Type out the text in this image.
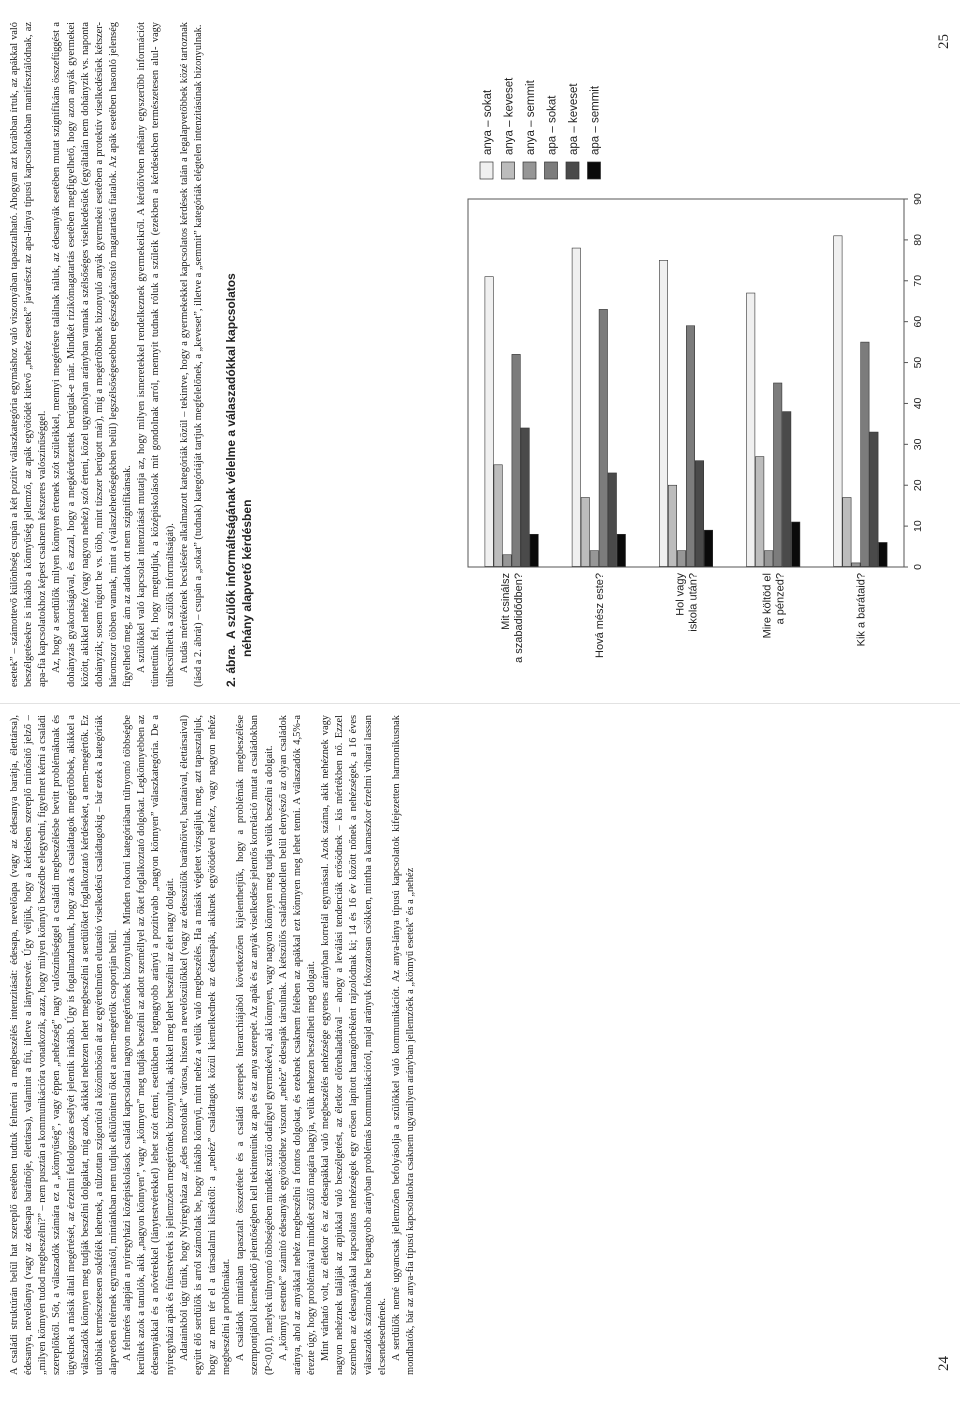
A családi struktúrán belül hat szereplő esetében tudtuk felmérni a megbeszélés intenzitását: édesapa, nevelőapa (vagy az édesanya barátja, élettársa), édesanya, nevelőanya (vagy az édesapa barátnője, élettársa), valamint a fiú, illetve a lánytestvér. Úgy véljük, hogy a kérdésben szereplő minősítő jelző – „milyen könnyen tudod megbeszélni?” – nem pusztán a kommunikációra vonatkozik, azaz, hogy milyen könnyű beszédbe elegyedni, figyelmet kérni a családi szereplőktől. Sőt, a válaszadók számára ez a „könnyűség”, vagy éppen „nehézség” nagy valószínűséggel a családi megbeszélésbe bevitt problémáknak és ügyeknek a másik általi megértését, az érzelmi feldolgozás esélyét jelentik inkább. Úgy is fogalmazhatunk, hogy azok a családtagok megértőbbek, akikkel a válaszadók könnyen meg tudják beszélni dolgaikat, míg azok, akikkel nehezen lehet megbeszélni a serdülőket foglalkoztató kérdéseket, a nem-megértők. Ez utóbbiak természetesen sokfélék lehetnek, a túlzottan szigorútól a közömbösön át az egyértelműen elutasító viselkedésű családtagokig – bár ezek a kategóriák alapvetően eltérnek egymástól, mintánkban nem tudjuk elkülöníteni őket a nem-megértők csoportján belül. A felmérés alapján a nyíregyházi középiskolások családi kapcsolatai nagyon megértőnek bizonyultak. Minden rokoni kategóriában túlnyomó többségbe kerültek azok a tanulók, akik „nagyon könnyen”, vagy „könnyen” meg tudják beszélni az adott személlyel az őket foglalkoztató dolgokat. Legkönnyebben az édesanyákkal és a nővérekkel (lánytestvérekkel) lehet szót érteni, esetükben a legnagyobb arányú a pozitívabb „nagyon könnyen” válaszkategória. De a nyíregyházi apák és fiútestvérek is jellemzően megértőnek bizonyultak, akikkel meg lehet beszélni az élet nagy dolgait. Adatainkból úgy tűnik, hogy Nyíregyháza az „édes mostohák” városa, hiszen a nevelőszülőkkel (vagy az édesszülők barátnőivel, barátaival, élettársaival) együtt élő serdülők is arról számoltak be, hogy inkább könnyű, mint nehéz a velük való megbeszélés. Ha a másik végletet vizsgáljuk meg, azt tapasztaljuk, hogy az nem tér el a társadalmi kliséktől: a „nehéz” családtagok közül kiemelkednek az édesapák, akiknek egyötödével nehéz, vagy nagyon nehéz megbeszélni a problémákat. A családok mintában tapasztalt összetétele és a családi szerepek hierarchiájából következően kijelenthetjük, hogy a problémák megbeszélése szempontjából kiemelkedő jelentőségben kell tekintenünk az apa és az anya szerepét. Az apák és az anyák viselkedése jelentős korreláció mutat a családokban (P<0,01), melyek túlnyomó többségében mindkét szülő odafigyel gyermekével, aki könnyen, vagy nagyon könnyen meg tudja velük beszélni a dolgait. A „könnyű esetnek” számító édesanyák egyötödéhez viszont „nehéz” édesapák társulnak. A kétszülős családmodellen belül elenyésző az olyan családok aránya, ahol az anyákkal nehéz megbeszélni a fontos dolgokat, és ezeknek csaknem felében az apákkal ezt könnyen meg lehet tenni. A válaszadók 4,5%-a érezte úgy, hogy problémáival mindkét szülő magára hagyja, velük nehezen beszélheti meg dolgait. Mint várható volt, az életkor és az édesapákkal való megbeszélés nehézsége egyenes arányban korrelál egymással. Azok száma, akik nehéznek vagy nagyon nehéznek találják az apjukkal való beszélgetést, az életkor előrehaladtával – ahogy a leválási tendenciák erősödnek – kis mértékben nő. Ezzel szemben az édesanyákkal kapcsolatos nehézségek egy erősen lapított harangörbéként rajzolódnak ki; 14 és 16 év között nőnek a nehézségek, a 16 éves válaszadók számolnak be legnagyobb arányban problémás kommunikációról, majd arányuk fokozatosan csökken, mintha a kamaszkor érzelmi viharai lassan elcsendesednének. A serdülők nemé ugyancsak jellemzően befolyásolja a szülőkkel való kommunikációt. Az anya-lánya típusú kapcsolatok kifejezetten harmonikusnak mondhatók, bár az anya-fia típusú kapcsolatokra csaknem ugyanilyen arányban jellemzőek a „könnyű esetek” és a „nehéz	24

esetek” – számottevő különbség csupán a két pozitív válaszkategória egymáshoz való viszonyában tapasztalható. Ahogyan azt korábban írtuk, az apákkal való beszélgetésekre is inkább a könnyűség jellemző, az apák egyötödét kitevő „nehéz esetek” javarészt az apa-lánya típusú kapcsolatokban manifesztálódnak, az apa-fia kapcsolatokhoz képest csaknem kétszeres valószínűséggel. Az, hogy a serdülők milyen könnyen értenek szót szüleikkel, mennyi megértésre találnak náluk, az édesanyák esetében mutat szignifikáns összefüggést a dohányzás gyakoriságával, és azzal, hogy a megkérdezettek berúgtak-e már. Mindkét rizikómagatartás esetében megfigyelhető, hogy azon anyák gyermekei között, akikkel nehéz (vagy nagyon nehéz) szót érteni, közel ugyanolyan arányban vannak a szélsőséges viselkedésűek (egyáltalán nem dohányzik vs. naponta dohányzik; sosem rúgott be vs. több, mint tízszer berúgott már), míg a megértőbbnek bizonyuló anyák gyermekei esetében a protektív viselkedésűek kétszer-háromszor többen vannak, mint a (válaszlehetőségekben belül) legszélsőségesebben egészségkárosító magatartású fiatalok. Az apák esetében hasonló jelenség figyelhető meg, ám az adatok ott nem szignifikánsak. A szülőkkel való kapcsolat intenzitását mutatja az, hogy milyen ismeretekkel rendelkeznek gyermekeikről. A kérdőívben néhány egyszerűbb információt tüntettünk fel, hogy megtudjuk, a középiskolások mit gondolnak arról, mennyit tudnak róluk a szüleik (ezekben a kérdésekben természetesen alul- vagy túlbecsülhetik a szülők informáltságát). A tudás mértékének becslésére alkalmazott kategóriák közül – tekintve, hogy a gyermekekkel kapcsolatos kérdések talán a legalapvetőbbek közé tartoznak (lásd a 2. ábrát) – csupán a „sokat” (tudnak) kategóriáját tartjuk megfelelőnek, a „keveset”, illetve a „semmit” kategóriák elégtelen intenzitásúnak bizonyulnak. 2. ábra.A szülők informáltságának vélelme a válaszadókkal kapcsolatos néhány alapvető kérdésben	0
10
20
30
40
50
60
70
80
90
Mit csinálsza szabadidődben?	Hová mész este?	Hol vagyiskola után?	Mire költöd ela pénzed?	Kik a barátaid?
anya – sokat anya – keveset anya – semmit apa – sokat apa – keveset apa – semmit
25
